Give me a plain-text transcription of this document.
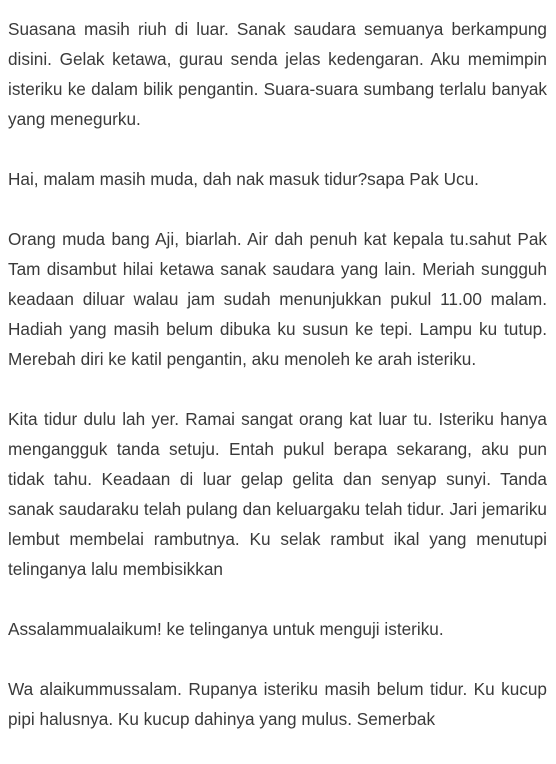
Suasana masih riuh di luar. Sanak saudara semuanya berkampung disini. Gelak ketawa, gurau senda jelas kedengaran. Aku memimpin isteriku ke dalam bilik pengantin. Suara-suara sumbang terlalu banyak yang menegurku.

Hai, malam masih muda, dah nak masuk tidur?sapa Pak Ucu.

Orang muda bang Aji, biarlah. Air dah penuh kat kepala tu.sahut Pak Tam disambut hilai ketawa sanak saudara yang lain. Meriah sungguh keadaan diluar walau jam sudah menunjukkan pukul 11.00 malam. Hadiah yang masih belum dibuka ku susun ke tepi. Lampu ku tutup. Merebah diri ke katil pengantin, aku menoleh ke arah isteriku.

Kita tidur dulu lah yer. Ramai sangat orang kat luar tu. Isteriku hanya mengangguk tanda setuju. Entah pukul berapa sekarang, aku pun tidak tahu. Keadaan di luar gelap gelita dan senyap sunyi. Tanda sanak saudaraku telah pulang dan keluargaku telah tidur. Jari jemariku lembut membelai rambutnya. Ku selak rambut ikal yang menutupi telinganya lalu membisikkan

Assalammualaikum! ke telinganya untuk menguji isteriku.

Wa alaikummussalam. Rupanya isteriku masih belum tidur. Ku kucup pipi halusnya. Ku kucup dahinya yang mulus. Semerbak
